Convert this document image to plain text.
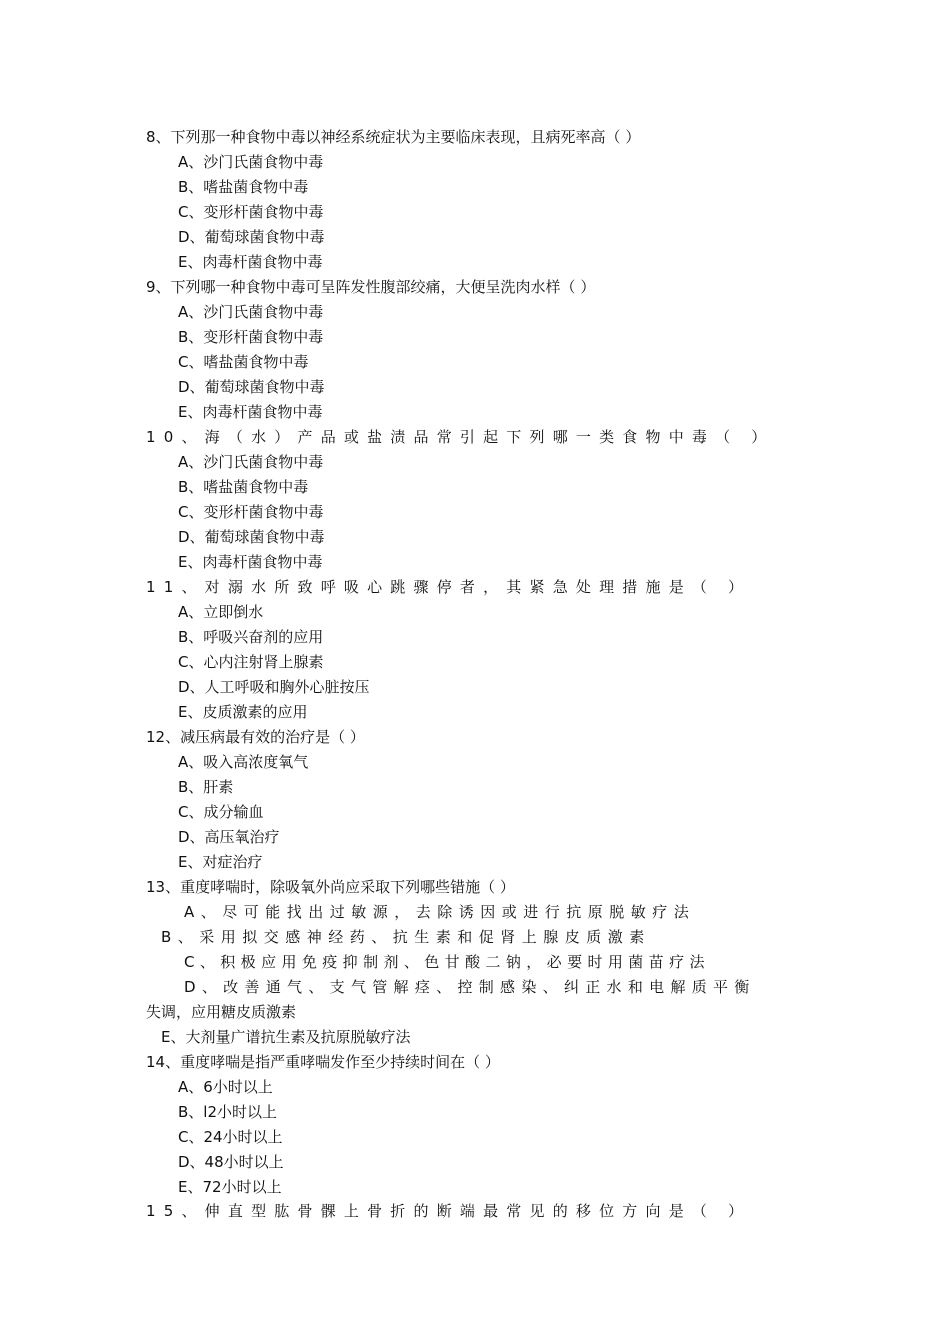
8、下列那一种食物中毒以神经系统症状为主要临床表现，且病死率高（ ）
A、沙门氏菌食物中毒
B、嗜盐菌食物中毒
C、变形杆菌食物中毒
D、葡萄球菌食物中毒
E、肉毒杆菌食物中毒
9、下列哪一种食物中毒可呈阵发性腹部绞痛，大便呈洗肉水样（ ）
A、沙门氏菌食物中毒
B、变形杆菌食物中毒
C、嗜盐菌食物中毒
D、葡萄球菌食物中毒
E、肉毒杆菌食物中毒
10、海（水）产品或盐渍品常引起下列哪一类食物中毒（ ）
A、沙门氏菌食物中毒
B、嗜盐菌食物中毒
C、变形杆菌食物中毒
D、葡萄球菌食物中毒
E、肉毒杆菌食物中毒
11、对溺水所致呼吸心跳骤停者，其紧急处理措施是（ ）
A、立即倒水
B、呼吸兴奋剂的应用
C、心内注射肾上腺素
D、人工呼吸和胸外心脏按压
E、皮质激素的应用
12、减压病最有效的治疗是（ ）
A、吸入高浓度氧气
B、肝素
C、成分输血
D、高压氧治疗
E、对症治疗
13、重度哮喘时，除吸氧外尚应采取下列哪些错施（ ）
A、尽可能找出过敏源，去除诱因或进行抗原脱敏疗法
B、采用拟交感神经药、抗生素和促肾上腺皮质激素
C、积极应用免疫抑制剂、色甘酸二钠，必要时用菌苗疗法
D、改善通气、支气管解痉、控制感染、纠正水和电解质平衡
失调，应用糖皮质激素
E、大剂量广谱抗生素及抗原脱敏疗法
14、重度哮喘是指严重哮喘发作至少持续时间在（ ）
A、6小时以上
B、l2小时以上
C、24小时以上
D、48小时以上
E、72小时以上
15、伸直型肱骨髁上骨折的断端最常见的移位方向是（ ）
